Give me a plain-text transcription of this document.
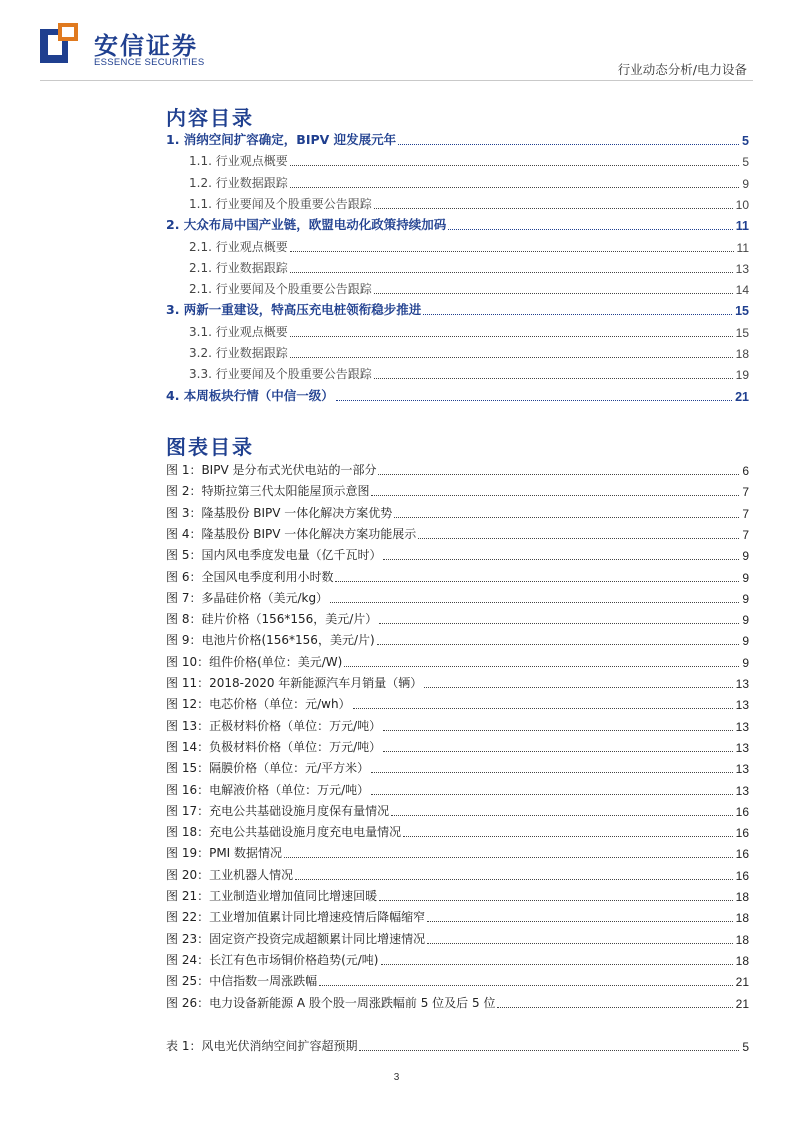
安信证券
ESSENCE SECURITIES	行业动态分析/电力设备
内容目录
1. 消纳空间扩容确定，BIPV 迎发展元年	5
1.1. 行业观点概要	5
1.2. 行业数据跟踪	9
1.1. 行业要闻及个股重要公告跟踪	10
2. 大众布局中国产业链，欧盟电动化政策持续加码	11
2.1. 行业观点概要	11
2.1. 行业数据跟踪	13
2.1. 行业要闻及个股重要公告跟踪	14
3. 两新一重建设，特高压充电桩领衔稳步推进	15
3.1. 行业观点概要	15
3.2. 行业数据跟踪	18
3.3. 行业要闻及个股重要公告跟踪	19
4. 本周板块行情（中信一级）	21
图表目录
图 1：BIPV 是分布式光伏电站的一部分	6
图 2：特斯拉第三代太阳能屋顶示意图	7
图 3：隆基股份 BIPV 一体化解决方案优势	7
图 4：隆基股份 BIPV 一体化解决方案功能展示	7
图 5：国内风电季度发电量（亿千瓦时）	9
图 6：全国风电季度利用小时数	9
图 7：多晶硅价格（美元/kg）	9
图 8：硅片价格（156*156，美元/片）	9
图 9：电池片价格(156*156，美元/片)	9
图 10：组件价格(单位：美元/W)	9
图 11：2018-2020 年新能源汽车月销量（辆）	13
图 12：电芯价格（单位：元/wh）	13
图 13：正极材料价格（单位：万元/吨）	13
图 14：负极材料价格（单位：万元/吨）	13
图 15：隔膜价格（单位：元/平方米）	13
图 16：电解液价格（单位：万元/吨）	13
图 17：充电公共基础设施月度保有量情况	16
图 18：充电公共基础设施月度充电电量情况	16
图 19：PMI 数据情况	16
图 20：工业机器人情况	16
图 21：工业制造业增加值同比增速回暖	18
图 22：工业增加值累计同比增速疫情后降幅缩窄	18
图 23：固定资产投资完成超额累计同比增速情况	18
图 24：长江有色市场铜价格趋势(元/吨)	18
图 25：中信指数一周涨跌幅	21
图 26：电力设备新能源 A 股个股一周涨跌幅前 5 位及后 5 位	21
表 1：风电光伏消纳空间扩容超预期	5
3
